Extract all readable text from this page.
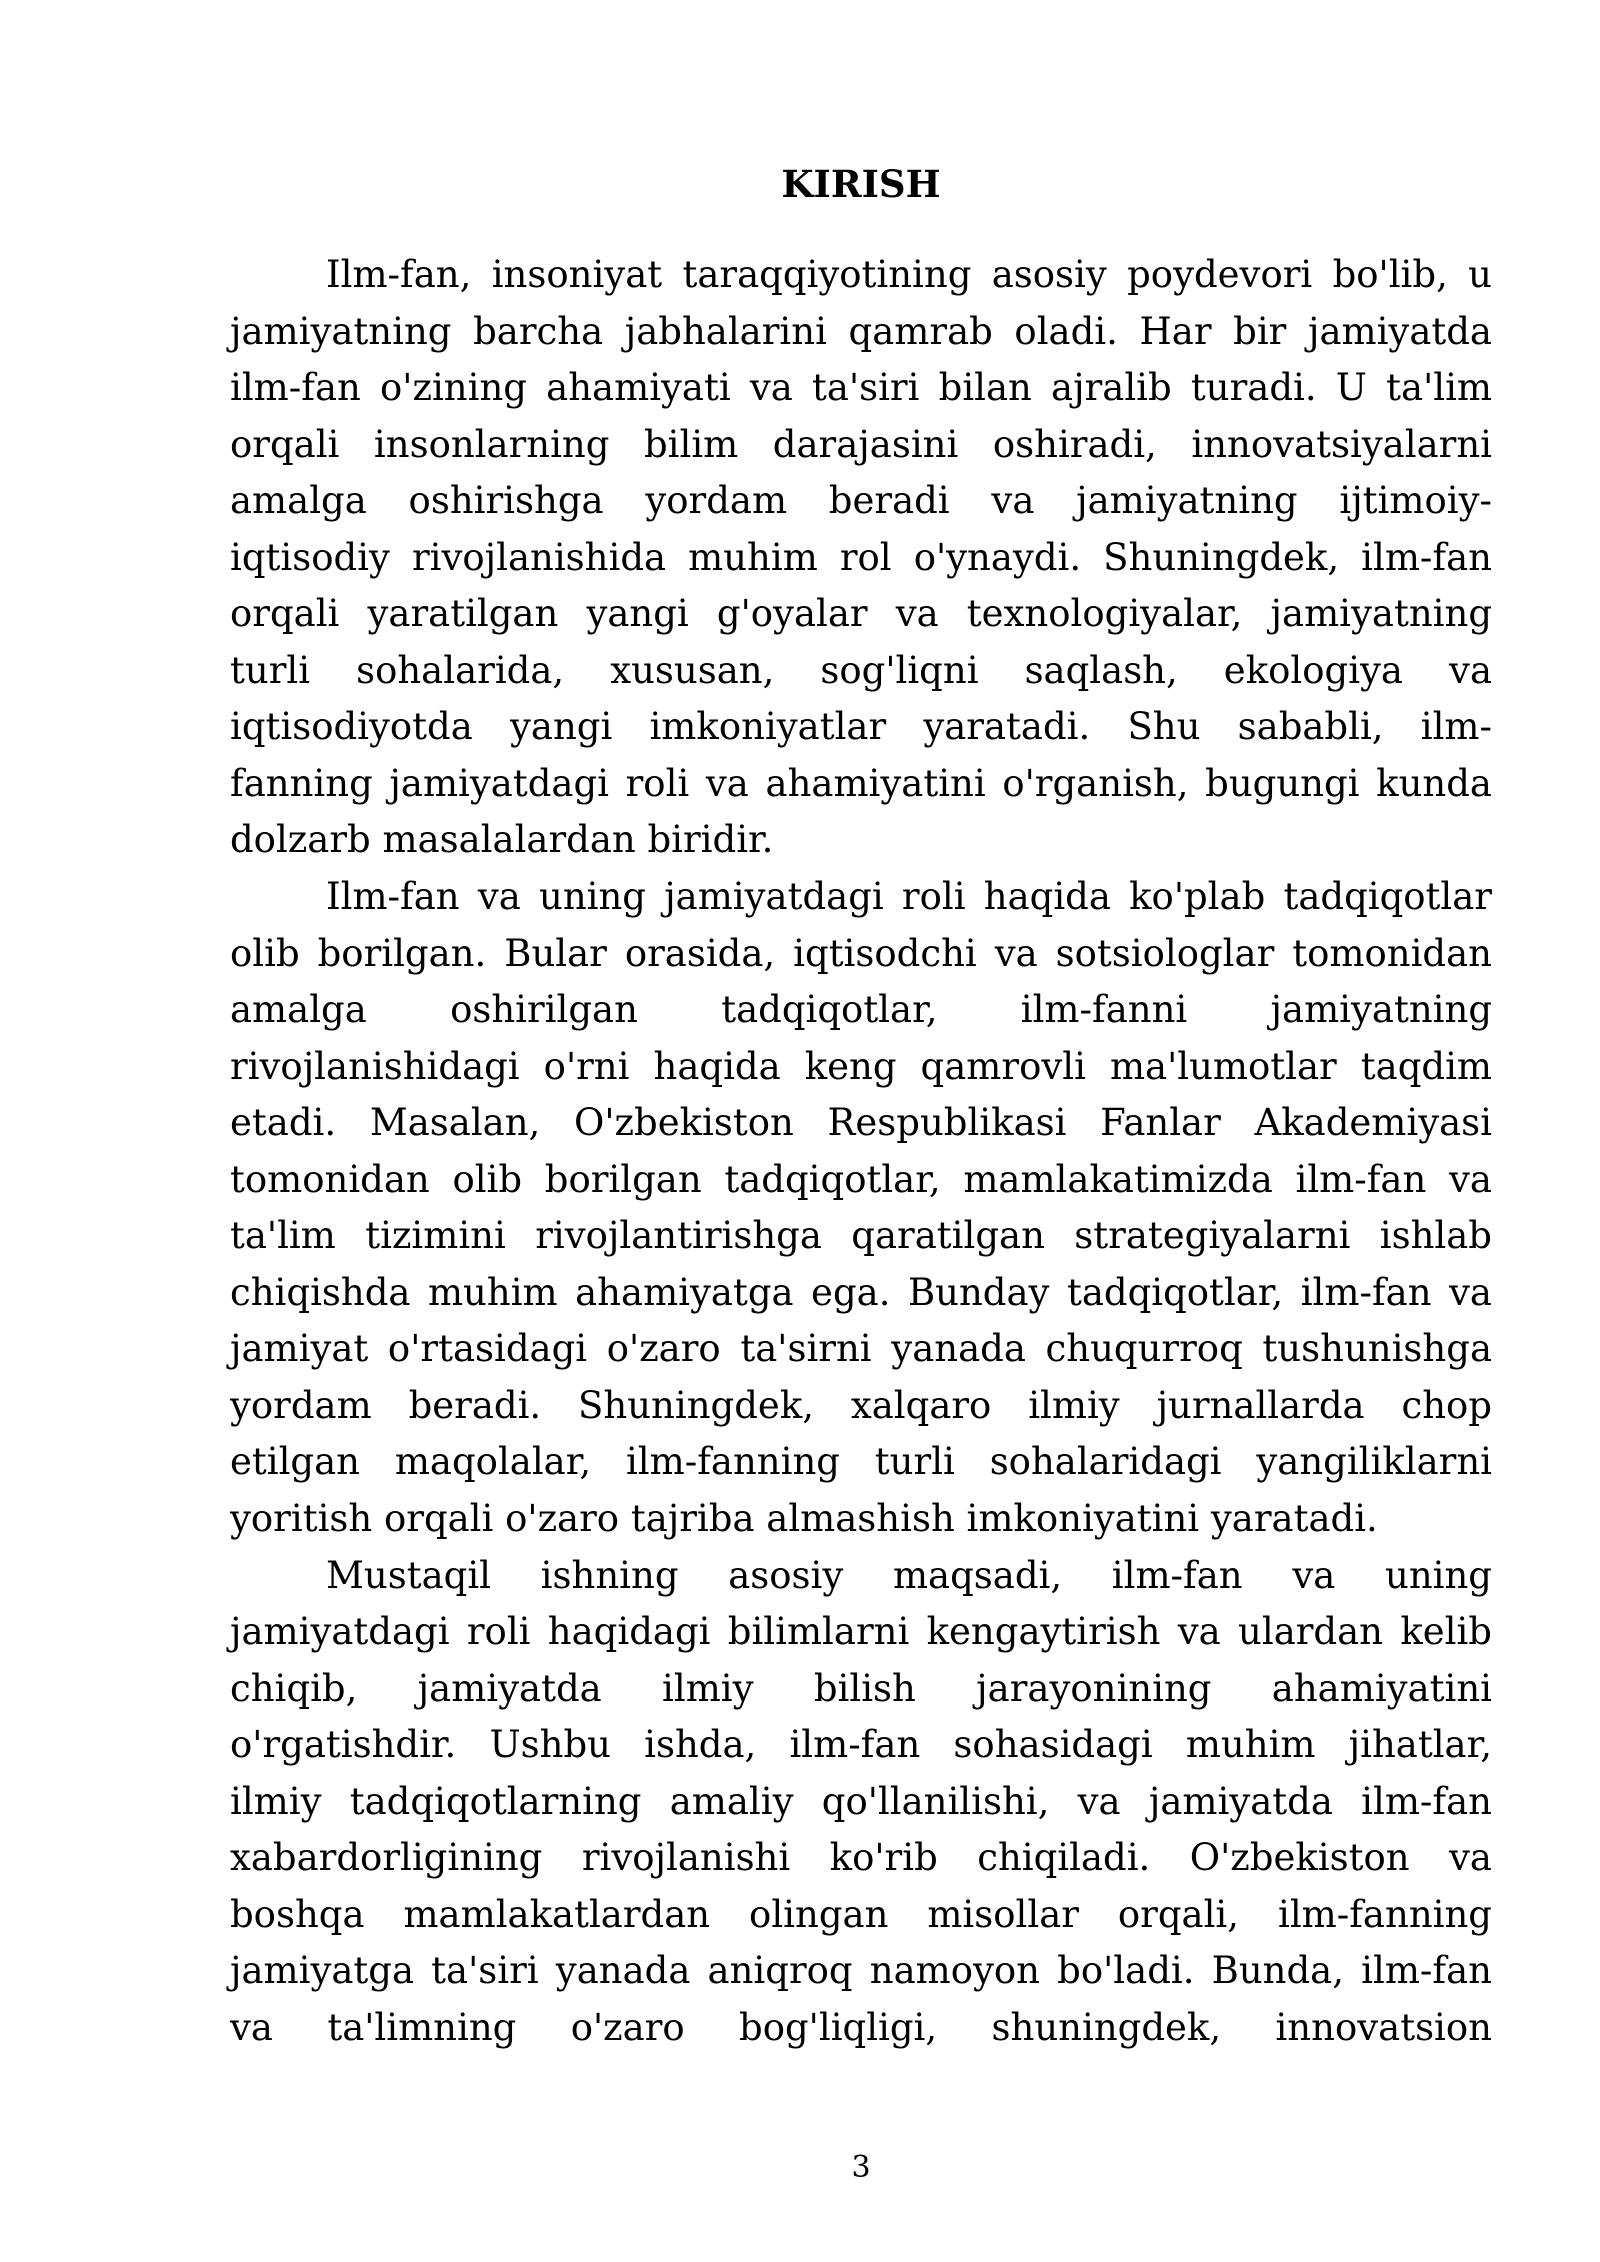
KIRISH
Ilm-fan, insoniyat taraqqiyotining asosiy poydevori bo'lib, u
jamiyatning barcha jabhalarini qamrab oladi. Har bir jamiyatda
ilm-fan o'zining ahamiyati va ta'siri bilan ajralib turadi. U ta'lim
orqali insonlarning bilim darajasini oshiradi, innovatsiyalarni
amalga oshirishga yordam beradi va jamiyatning ijtimoiy-
iqtisodiy rivojlanishida muhim rol o'ynaydi. Shuningdek, ilm-fan
orqali yaratilgan yangi g'oyalar va texnologiyalar, jamiyatning
turli sohalarida, xususan, sog'liqni saqlash, ekologiya va
iqtisodiyotda yangi imkoniyatlar yaratadi. Shu sababli, ilm-
fanning jamiyatdagi roli va ahamiyatini o'rganish, bugungi kunda
dolzarb masalalardan biridir.
Ilm-fan va uning jamiyatdagi roli haqida ko'plab tadqiqotlar
olib borilgan. Bular orasida, iqtisodchi va sotsiologlar tomonidan
amalga oshirilgan tadqiqotlar, ilm-fanni jamiyatning
rivojlanishidagi o'rni haqida keng qamrovli ma'lumotlar taqdim
etadi. Masalan, O'zbekiston Respublikasi Fanlar Akademiyasi
tomonidan olib borilgan tadqiqotlar, mamlakatimizda ilm-fan va
ta'lim tizimini rivojlantirishga qaratilgan strategiyalarni ishlab
chiqishda muhim ahamiyatga ega. Bunday tadqiqotlar, ilm-fan va
jamiyat o'rtasidagi o'zaro ta'sirni yanada chuqurroq tushunishga
yordam beradi. Shuningdek, xalqaro ilmiy jurnallarda chop
etilgan maqolalar, ilm-fanning turli sohalaridagi yangiliklarni
yoritish orqali o'zaro tajriba almashish imkoniyatini yaratadi.
Mustaqil ishning asosiy maqsadi, ilm-fan va uning
jamiyatdagi roli haqidagi bilimlarni kengaytirish va ulardan kelib
chiqib, jamiyatda ilmiy bilish jarayonining ahamiyatini
o'rgatishdir. Ushbu ishda, ilm-fan sohasidagi muhim jihatlar,
ilmiy tadqiqotlarning amaliy qo'llanilishi, va jamiyatda ilm-fan
xabardorligining rivojlanishi ko'rib chiqiladi. O'zbekiston va
boshqa mamlakatlardan olingan misollar orqali, ilm-fanning
jamiyatga ta'siri yanada aniqroq namoyon bo'ladi. Bunda, ilm-fan
va ta'limning o'zaro bog'liqligi, shuningdek, innovatsion
3
